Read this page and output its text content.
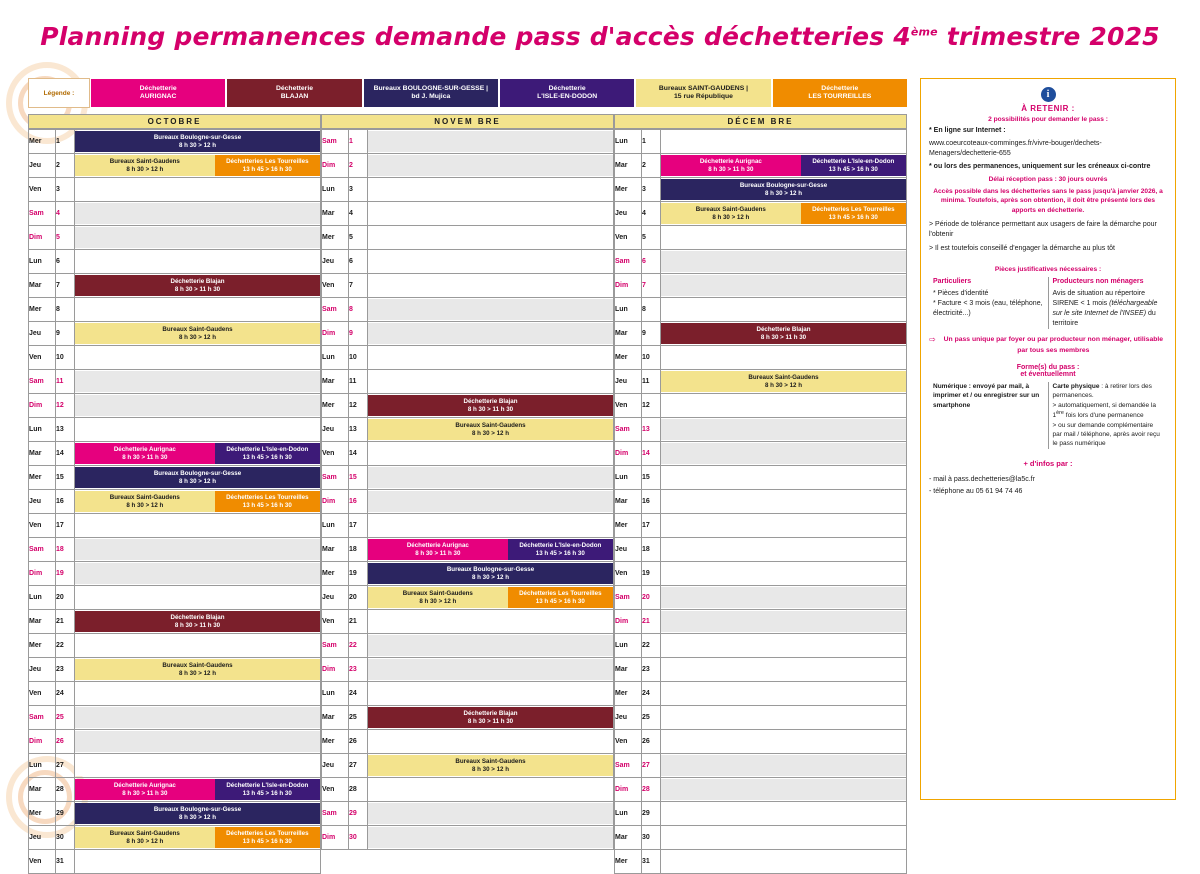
Planning permanences demande pass d'accès déchetteries 4ème trimestre 2025
Légende :
Déchetterie
AURIGNAC
Déchetterie
BLAJAN
Bureaux BOULOGNE-SUR-GESSE |
bd J. Mujica
Déchetterie
L'ISLE-EN-DODON
Bureaux SAINT-GAUDENS |
15 rue République
Déchetterie
LES TOURREILLES
OCTOBRE
Mer	1	Bureaux Boulogne-sur-Gesse
8 h 30 > 12 h

Jeu	2	Bureaux Saint-Gaudens
8 h 30 > 12 h
Déchetteries Les Tourreilles
13 h 45 > 16 h 30

Ven	3	

Sam	4	

Dim	5	

Lun	6	

Mar	7	Déchetterie Blajan
8 h 30 > 11 h 30

Mer	8	

Jeu	9	Bureaux Saint-Gaudens
8 h 30 > 12 h

Ven	10	

Sam	11	

Dim	12	

Lun	13	

Mar	14	Déchetterie Aurignac
8 h 30 > 11 h 30
Déchetterie L'Isle-en-Dodon
13 h 45 > 16 h 30

Mer	15	Bureaux Boulogne-sur-Gesse
8 h 30 > 12 h

Jeu	16	Bureaux Saint-Gaudens
8 h 30 > 12 h
Déchetteries Les Tourreilles
13 h 45 > 16 h 30

Ven	17	

Sam	18	

Dim	19	

Lun	20	

Mar	21	Déchetterie Blajan
8 h 30 > 11 h 30

Mer	22	

Jeu	23	Bureaux Saint-Gaudens
8 h 30 > 12 h

Ven	24	

Sam	25	

Dim	26	

Lun	27	

Mar	28	Déchetterie Aurignac
8 h 30 > 11 h 30
Déchetterie L'Isle-en-Dodon
13 h 45 > 16 h 30

Mer	29	Bureaux Boulogne-sur-Gesse
8 h 30 > 12 h

Jeu	30	Bureaux Saint-Gaudens
8 h 30 > 12 h
Déchetteries Les Tourreilles
13 h 45 > 16 h 30

Ven	31	
NOVEM BRE
Sam	1	

Dim	2	

Lun	3	

Mar	4	

Mer	5	

Jeu	6	

Ven	7	

Sam	8	

Dim	9	

Lun	10	

Mar	11	

Mer	12	Déchetterie Blajan
8 h 30 > 11 h 30

Jeu	13	Bureaux Saint-Gaudens
8 h 30 > 12 h

Ven	14	

Sam	15	

Dim	16	

Lun	17	

Mar	18	Déchetterie Aurignac
8 h 30 > 11 h 30
Déchetterie L'Isle-en-Dodon
13 h 45 > 16 h 30

Mer	19	Bureaux Boulogne-sur-Gesse
8 h 30 > 12 h

Jeu	20	Bureaux Saint-Gaudens
8 h 30 > 12 h
Déchetteries Les Tourreilles
13 h 45 > 16 h 30

Ven	21	

Sam	22	

Dim	23	

Lun	24	

Mar	25	Déchetterie Blajan
8 h 30 > 11 h 30

Mer	26	

Jeu	27	Bureaux Saint-Gaudens
8 h 30 > 12 h

Ven	28	

Sam	29	

Dim	30	
DÉCEM BRE
Lun	1	

Mar	2	Déchetterie Aurignac
8 h 30 > 11 h 30
Déchetterie L'Isle-en-Dodon
13 h 45 > 16 h 30

Mer	3	Bureaux Boulogne-sur-Gesse
8 h 30 > 12 h

Jeu	4	Bureaux Saint-Gaudens
8 h 30 > 12 h
Déchetteries Les Tourreilles
13 h 45 > 16 h 30

Ven	5	

Sam	6	

Dim	7	

Lun	8	

Mar	9	Déchetterie Blajan
8 h 30 > 11 h 30

Mer	10	

Jeu	11	Bureaux Saint-Gaudens
8 h 30 > 12 h

Ven	12	

Sam	13	

Dim	14	

Lun	15	

Mar	16	

Mer	17	

Jeu	18	

Ven	19	

Sam	20	

Dim	21	

Lun	22	

Mar	23	

Mer	24	

Jeu	25	

Ven	26	

Sam	27	

Dim	28	

Lun	29	

Mar	30	

Mer	31	
i
À RETENIR :
2 possibilités pour demander le pass :
* En ligne sur Internet :
www.coeurcoteaux-comminges.fr/vivre-bouger/dechets-Menagers/dechetterie-655
* ou lors des permanences, uniquement sur les créneaux ci-contre
Délai réception pass : 30 jours ouvrés
Accès possible dans les déchetteries sans le pass jusqu'à janvier 2026, a minima. Toutefois, après son obtention, il doit être présenté lors des apports en déchetterie.
> Période de tolérance permettant aux usagers de faire la démarche pour l'obtenir
> Il est toutefois conseillé d'engager la démarche au plus tôt
Pièces justificatives nécessaires :
Particuliers
* Pièces d'identité
* Facture < 3 mois (eau, téléphone, électricité...)
Producteurs non ménagers
Avis de situation au répertoire SIRENE < 1 mois (téléchargeable sur le site Internet de l'INSEE) du territoire
⇨	Un pass unique par foyer ou par producteur non ménager, utilisable par tous ses membres
Forme(s) du pass :
et éventuellemnt
Numérique : envoyé par mail, à imprimer et / ou enregistrer sur un smartphone
Carte physique : à retirer lors des permanences.
> automatiquement, si demandée la 1ère fois lors d'une permanence
> ou sur demande complémentaire par mail / téléphone, après avoir reçu le pass numérique
+ d'infos par :
- mail à pass.dechetteries@la5c.fr
- téléphone au 05 61 94 74 46
